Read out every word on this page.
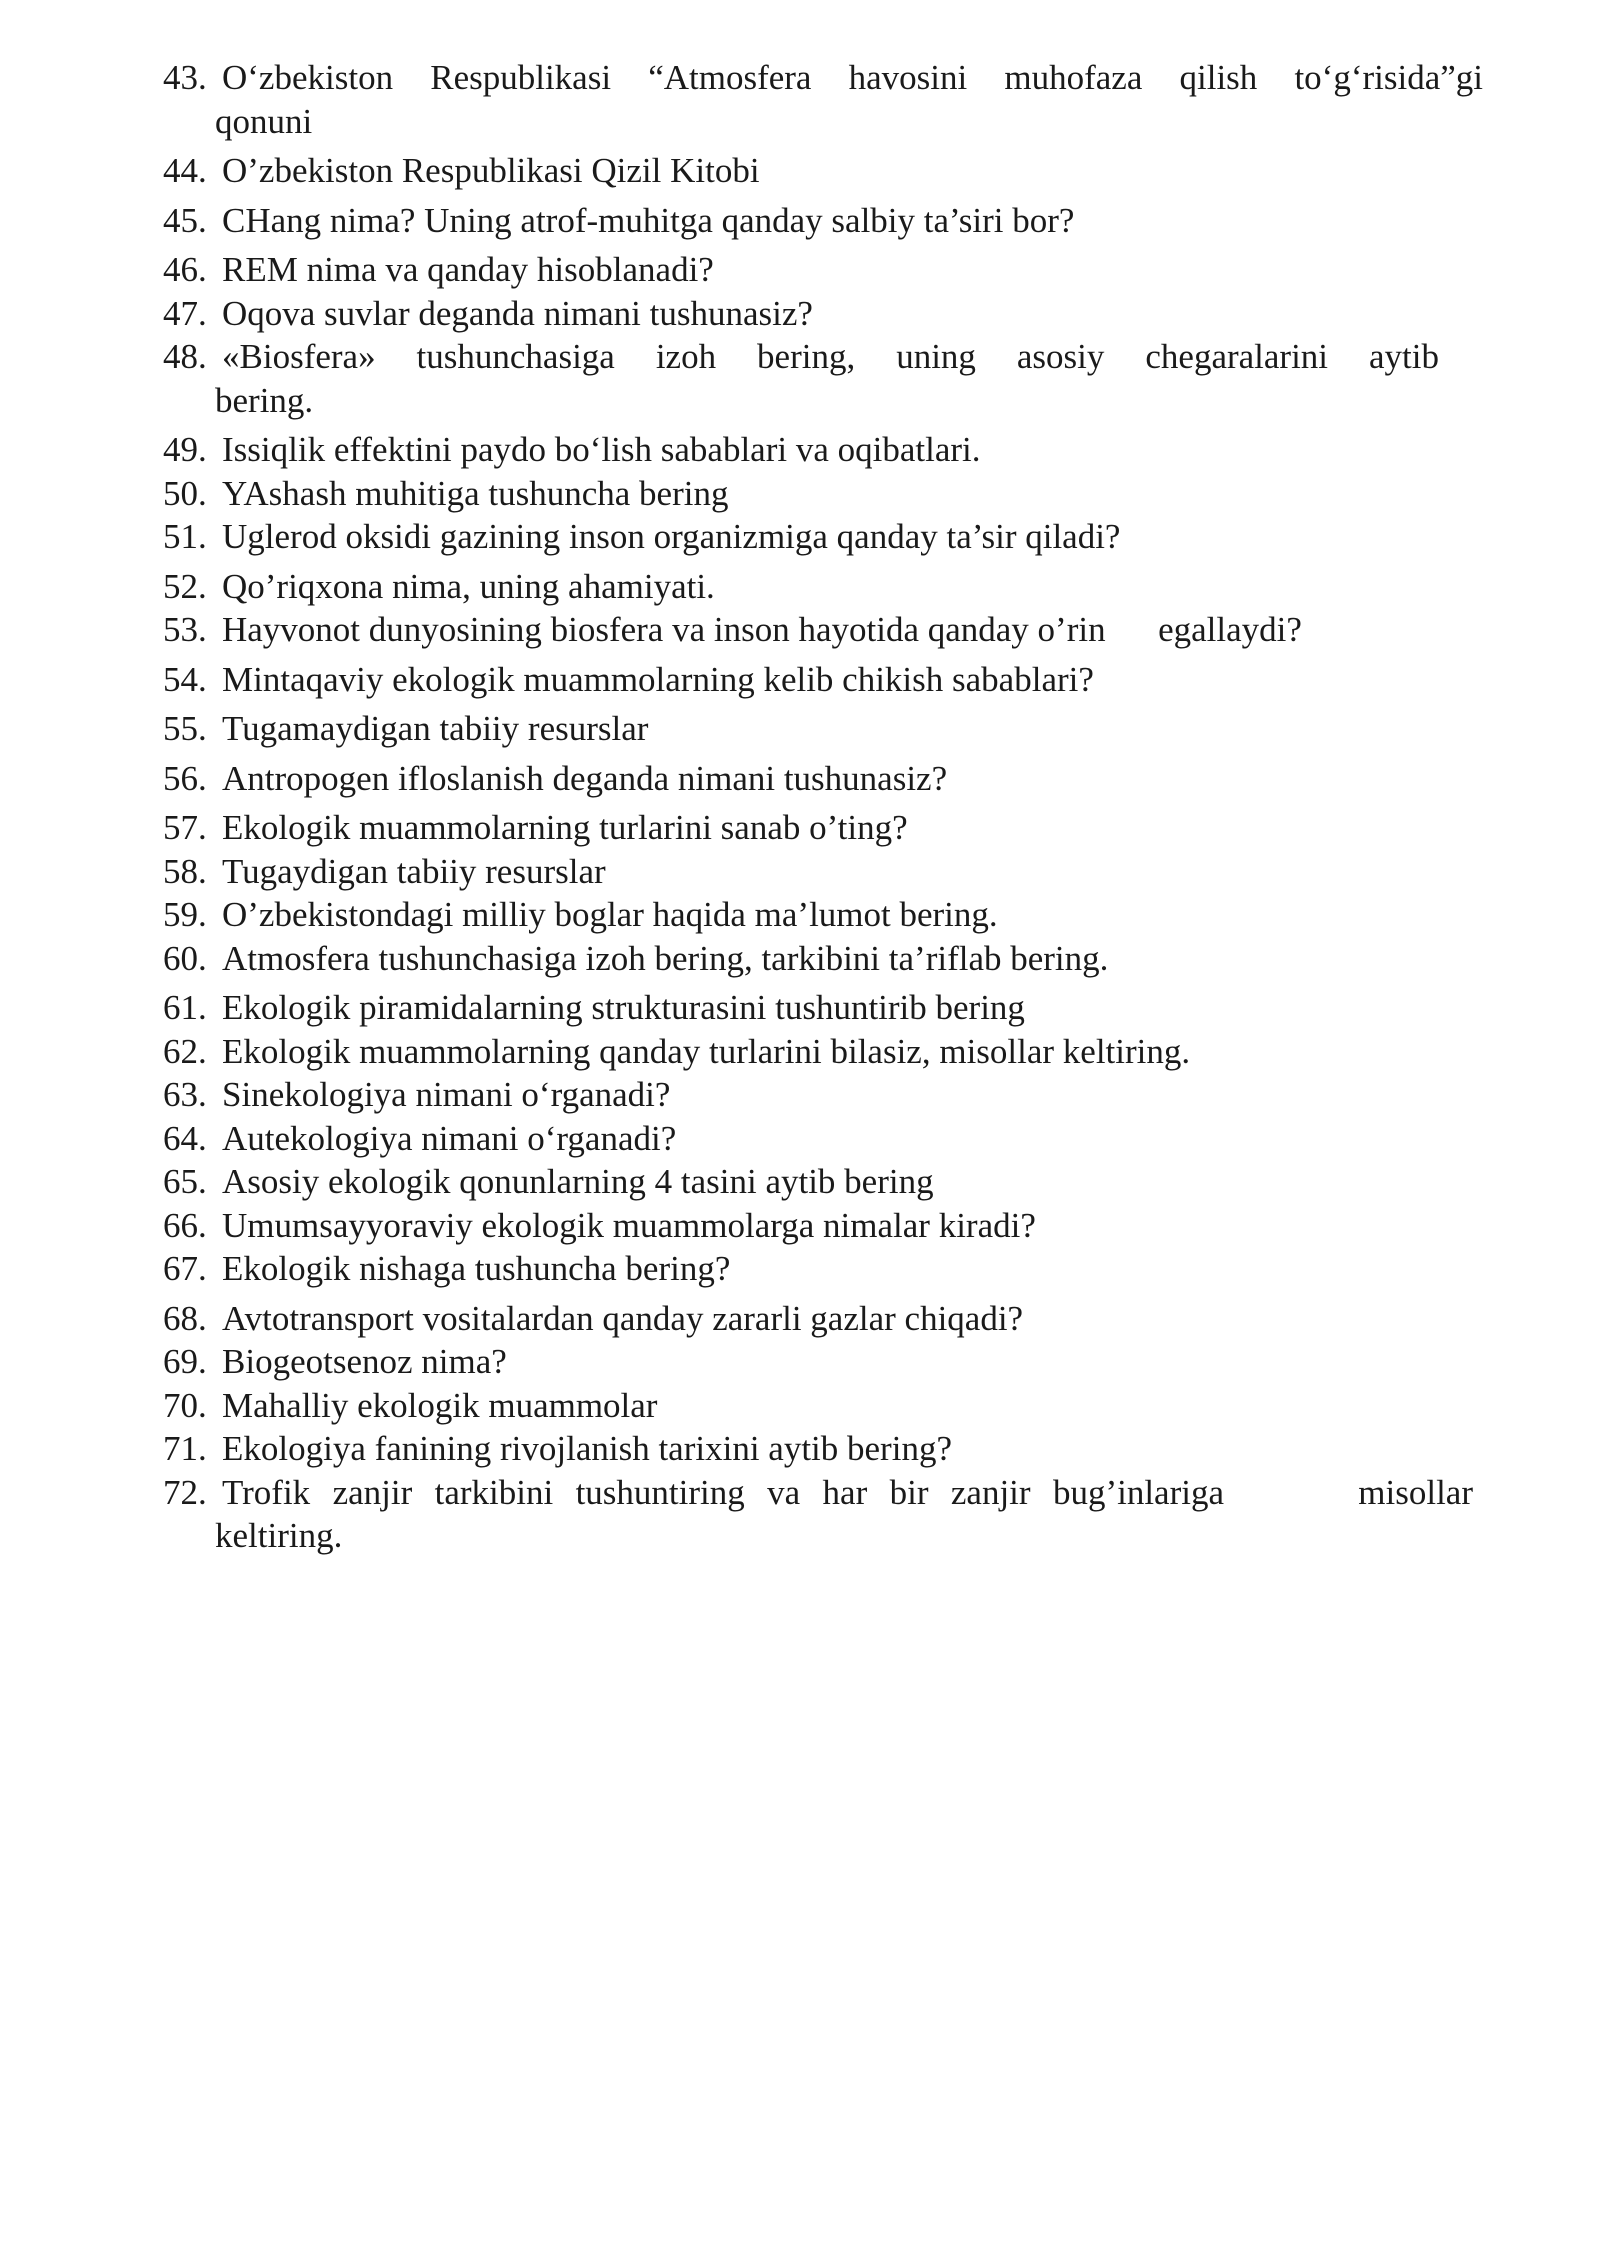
43. O‘zbekiston Respublikasi “Atmosfera havosini muhofaza qilish to‘g‘risida”gi
qonuni
44. O’zbekiston Respublikasi Qizil Kitobi
45. CHang nima? Uning atrof-muhitga qanday salbiy ta’siri bor?
46. REM nima va qanday hisoblanadi?
47. Oqova suvlar deganda nimani tushunasiz?
48. «Biosfera» tushunchasiga izoh bering, uning asosiy chegaralarini aytib
bering.
49. Issiqlik effektini paydo bo‘lish sabablari va oqibatlari.
50. YAshash muhitiga tushuncha bering
51. Uglerod oksidi gazining inson organizmiga qanday ta’sir qiladi?
52. Qo’riqxona nima, uning ahamiyati.
53. Hayvonot dunyosining biosfera va inson hayotida qanday o’rin      egallaydi?
54. Mintaqaviy ekologik muammolarning kelib chikish sabablari?
55. Tugamaydigan tabiiy resurslar
56. Antropogen ifloslanish deganda nimani tushunasiz?
57. Ekologik muammolarning turlarini sanab o’ting?
58. Tugaydigan tabiiy resurslar
59. O’zbekistondagi milliy boglar haqida ma’lumot bering.
60. Atmosfera tushunchasiga izoh bering, tarkibini ta’riflab bering.
61. Ekologik piramidalarning strukturasini tushuntirib bering
62. Ekologik muammolarning qanday turlarini bilasiz, misollar keltiring.
63. Sinekologiya nimani o‘rganadi?
64. Autekologiya nimani o‘rganadi?
65. Asosiy ekologik qonunlarning 4 tasini aytib bering
66. Umumsayyoraviy ekologik muammolarga nimalar kiradi?
67. Ekologik nishaga tushuncha bering?
68. Avtotransport vositalardan qanday zararli gazlar chiqadi?
69. Biogeotsenoz nima?
70. Mahalliy ekologik muammolar
71. Ekologiya fanining rivojlanish tarixini aytib bering?
72. Trofik zanjir tarkibini tushuntiring va har bir zanjir bug’inlariga      misollar
keltiring.
